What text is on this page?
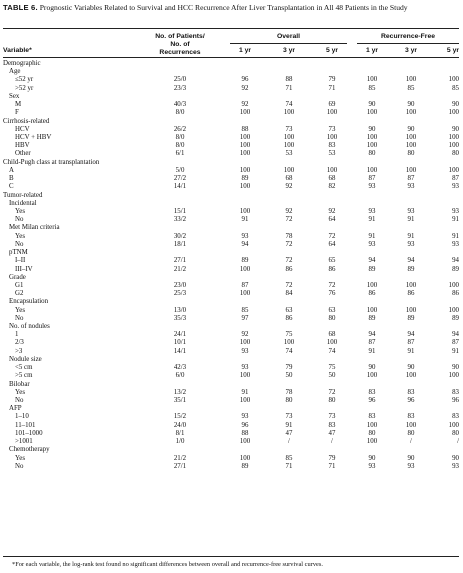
TABLE 6. Prognostic Variables Related to Survival and HCC Recurrence After Liver Transplantation in All 48 Patients in the Study
Variable*
No. of Patients/
No. of
Recurrences
Overall	Recurrence-Free
1 yr	3 yr	5 yr	1 yr	3 yr	5 yr
Demographic
Age
≤52 yr	25/0	96	88	79	100	100	100
>52 yr	23/3	92	71	71	85	85	85
Sex
M	40/3	92	74	69	90	90	90
F	8/0	100	100	100	100	100	100
Cirrhosis-related
HCV	26/2	88	73	73	90	90	90
HCV + HBV	8/0	100	100	100	100	100	100
HBV	8/0	100	100	83	100	100	100
Other	6/1	100	53	53	80	80	80
Child-Pugh class at transplantation
A	5/0	100	100	100	100	100	100
B	27/2	89	68	68	87	87	87
C	14/1	100	92	82	93	93	93
Tumor-related
Incidental
Yes	15/1	100	92	92	93	93	93
No	33/2	91	72	64	91	91	91
Met Milan criteria
Yes	30/2	93	78	72	91	91	91
No	18/1	94	72	64	93	93	93
pTNM
I–II	27/1	89	72	65	94	94	94
III–IV	21/2	100	86	86	89	89	89
Grade
G1	23/0	87	72	72	100	100	100
G2	25/3	100	84	76	86	86	86
Encapsulation
Yes	13/0	85	63	63	100	100	100
No	35/3	97	86	80	89	89	89
No. of nodules
1	24/1	92	75	68	94	94	94
2/3	10/1	100	100	100	87	87	87
>3	14/1	93	74	74	91	91	91
Nodule size
<5 cm	42/3	93	79	75	90	90	90
>5 cm	6/0	100	50	50	100	100	100
Bilobar
Yes	13/2	91	78	72	83	83	83
No	35/1	100	80	80	96	96	96
AFP
1–10	15/2	93	73	73	83	83	83
11–101	24/0	96	91	83	100	100	100
101–1000	8/1	88	47	47	80	80	80
>1001	1/0	100	/	/	100	/	/
Chemotherapy
Yes	21/2	100	85	79	90	90	90
No	27/1	89	71	71	93	93	93
*For each variable, the log-rank test found no significant differences between overall and recurrence-free survival curves.
